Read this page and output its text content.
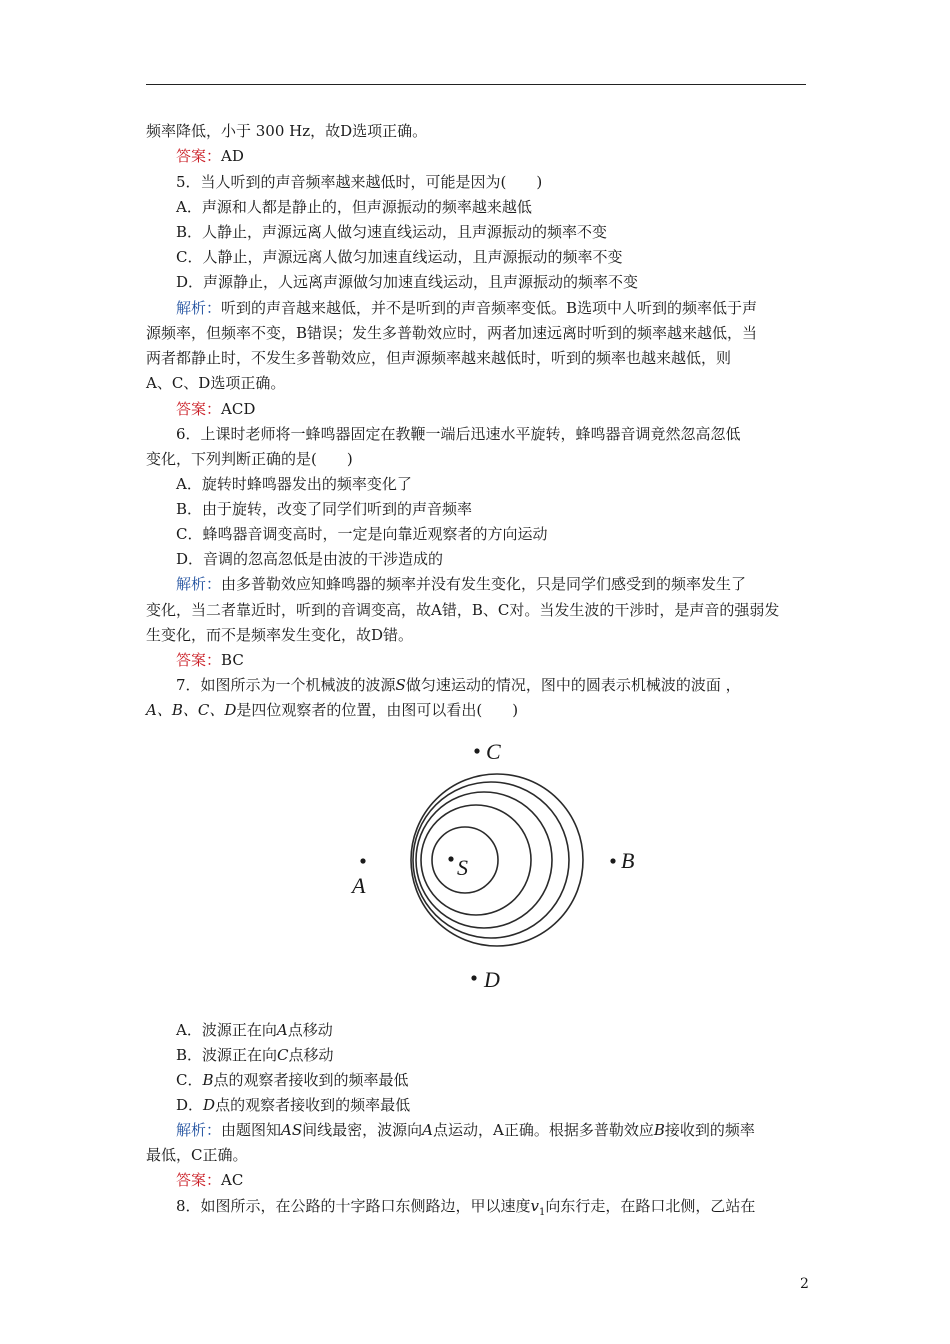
频率降低，小于 300 Hz，故D选项正确。
答案：AD
5．当人听到的声音频率越来越低时，可能是因为(　　)
A．声源和人都是静止的，但声源振动的频率越来越低
B．人静止，声源远离人做匀速直线运动，且声源振动的频率不变
C．人静止，声源远离人做匀加速直线运动，且声源振动的频率不变
D．声源静止，人远离声源做匀加速直线运动，且声源振动的频率不变
解析：听到的声音越来越低，并不是听到的声音频率变低。B选项中人听到的频率低于声
源频率，但频率不变，B错误；发生多普勒效应时，两者加速远离时听到的频率越来越低，当
两者都静止时，不发生多普勒效应，但声源频率越来越低时，听到的频率也越来越低，则
A、C、D选项正确。
答案：ACD
6．上课时老师将一蜂鸣器固定在教鞭一端后迅速水平旋转，蜂鸣器音调竟然忽高忽低
变化，下列判断正确的是(　　)
A．旋转时蜂鸣器发出的频率变化了
B．由于旋转，改变了同学们听到的声音频率
C．蜂鸣器音调变高时，一定是向靠近观察者的方向运动
D．音调的忽高忽低是由波的干涉造成的
解析：由多普勒效应知蜂鸣器的频率并没有发生变化，只是同学们感受到的频率发生了
变化，当二者靠近时，听到的音调变高，故A错，B、C对。当发生波的干涉时，是声音的强弱发
生变化，而不是频率发生变化，故D错。
答案：BC
7．如图所示为一个机械波的波源S做匀速运动的情况，图中的圆表示机械波的波面 ，
A、B、C、D是四位观察者的位置，由图可以看出(　　)
S
A
B
C
D
A．波源正在向A点移动
B．波源正在向C点移动
C．B点的观察者接收到的频率最低
D．D点的观察者接收到的频率最低
解析：由题图知AS间线最密，波源向A点运动，A正确。根据多普勒效应B接收到的频率
最低，C正确。
答案：AC
8．如图所示，在公路的十字路口东侧路边，甲以速度$v_1$向东行走，在路口北侧，乙站在
2
